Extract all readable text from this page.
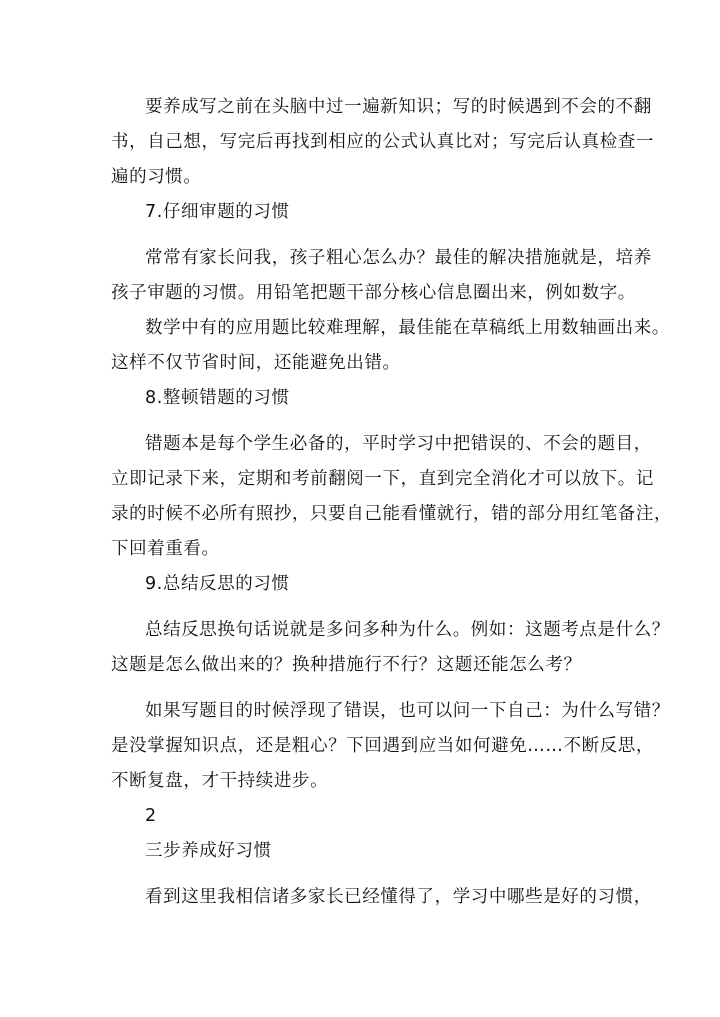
要养成写之前在头脑中过一遍新知识；写的时候遇到不会的不翻
书，自己想，写完后再找到相应的公式认真比对；写完后认真检查一
遍的习惯。
7.仔细审题的习惯
常常有家长问我，孩子粗心怎么办？最佳的解决措施就是，培养
孩子审题的习惯。用铅笔把题干部分核心信息圈出来，例如数字。
数学中有的应用题比较难理解，最佳能在草稿纸上用数轴画出来。
这样不仅节省时间，还能避免出错。
8.整顿错题的习惯
错题本是每个学生必备的，平时学习中把错误的、不会的题目，
立即记录下来，定期和考前翻阅一下，直到完全消化才可以放下。记
录的时候不必所有照抄，只要自己能看懂就行，错的部分用红笔备注，
下回着重看。
9.总结反思的习惯
总结反思换句话说就是多问多种为什么。例如：这题考点是什么？
这题是怎么做出来的？换种措施行不行？这题还能怎么考？
如果写题目的时候浮现了错误，也可以问一下自己：为什么写错？
是没掌握知识点，还是粗心？下回遇到应当如何避免……不断反思，
不断复盘，才干持续进步。
2
三步养成好习惯
看到这里我相信诸多家长已经懂得了，学习中哪些是好的习惯，
